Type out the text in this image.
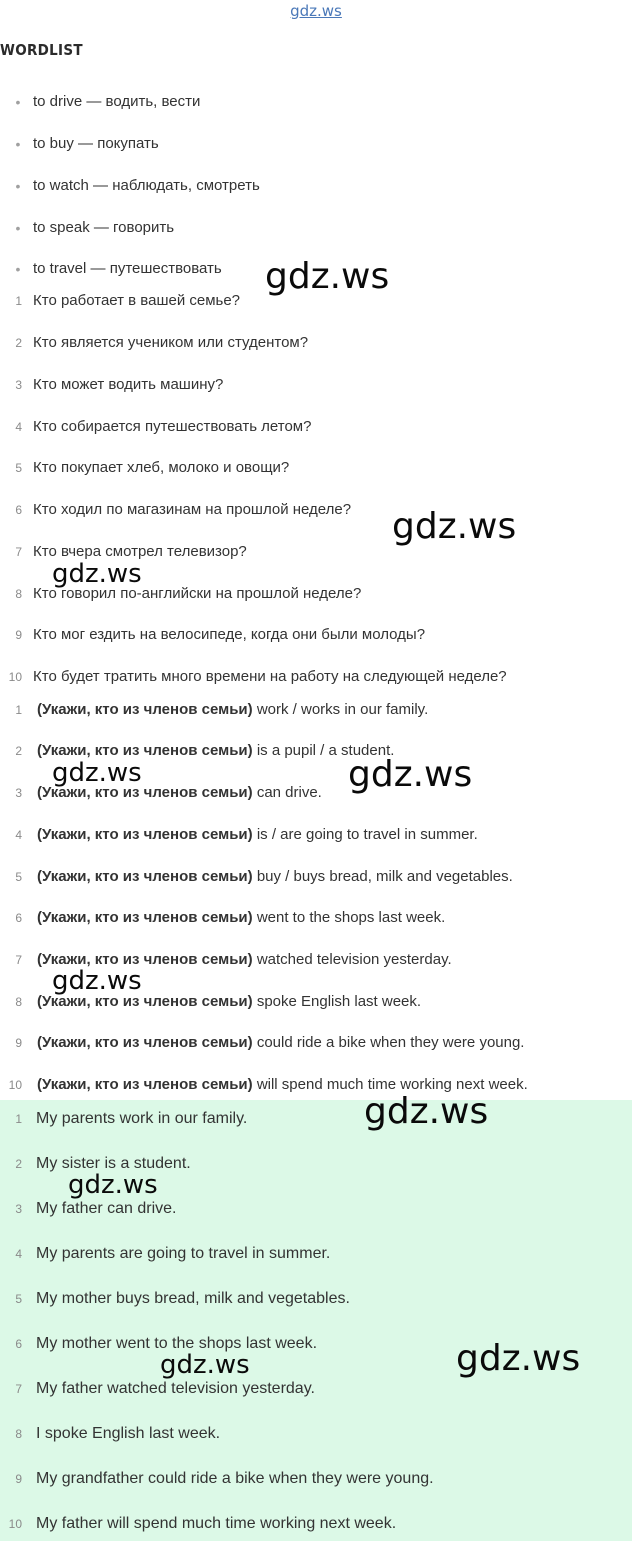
gdz.ws
WORDLIST
• to drive — водить, вести
• to buy — покупать
• to watch — наблюдать, смотреть
• to speak — говорить
• to travel — путешествовать
1 Кто работает в вашей семье?
2 Кто является учеником или студентом?
3 Кто может водить машину?
4 Кто собирается путешествовать летом?
5 Кто покупает хлеб, молоко и овощи?
6 Кто ходил по магазинам на прошлой неделе?
7 Кто вчера смотрел телевизор?
8 Кто говорил по-английски на прошлой неделе?
9 Кто мог ездить на велосипеде, когда они были молоды?
10 Кто будет тратить много времени на работу на следующей неделе?
1 (Укажи, кто из членов семьи) work / works in our family.
2 (Укажи, кто из членов семьи) is a pupil / a student.
3 (Укажи, кто из членов семьи) can drive.
4 (Укажи, кто из членов семьи) is / are going to travel in summer.
5 (Укажи, кто из членов семьи) buy / buys bread, milk and vegetables.
6 (Укажи, кто из членов семьи) went to the shops last week.
7 (Укажи, кто из членов семьи) watched television yesterday.
8 (Укажи, кто из членов семьи) spoke English last week.
9 (Укажи, кто из членов семьи) could ride a bike when they were young.
10 (Укажи, кто из членов семьи) will spend much time working next week.
1 My parents work in our family.
2 My sister is a student.
3 My father can drive.
4 My parents are going to travel in summer.
5 My mother buys bread, milk and vegetables.
6 My mother went to the shops last week.
7 My father watched television yesterday.
8 I spoke English last week.
9 My grandfather could ride a bike when they were young.
10 My father will spend much time working next week.
gdz.ws
gdz.ws
gdz.ws
gdz.ws	gdz.ws
gdz.ws
gdz.ws
gdz.ws
gdz.ws	gdz.ws
